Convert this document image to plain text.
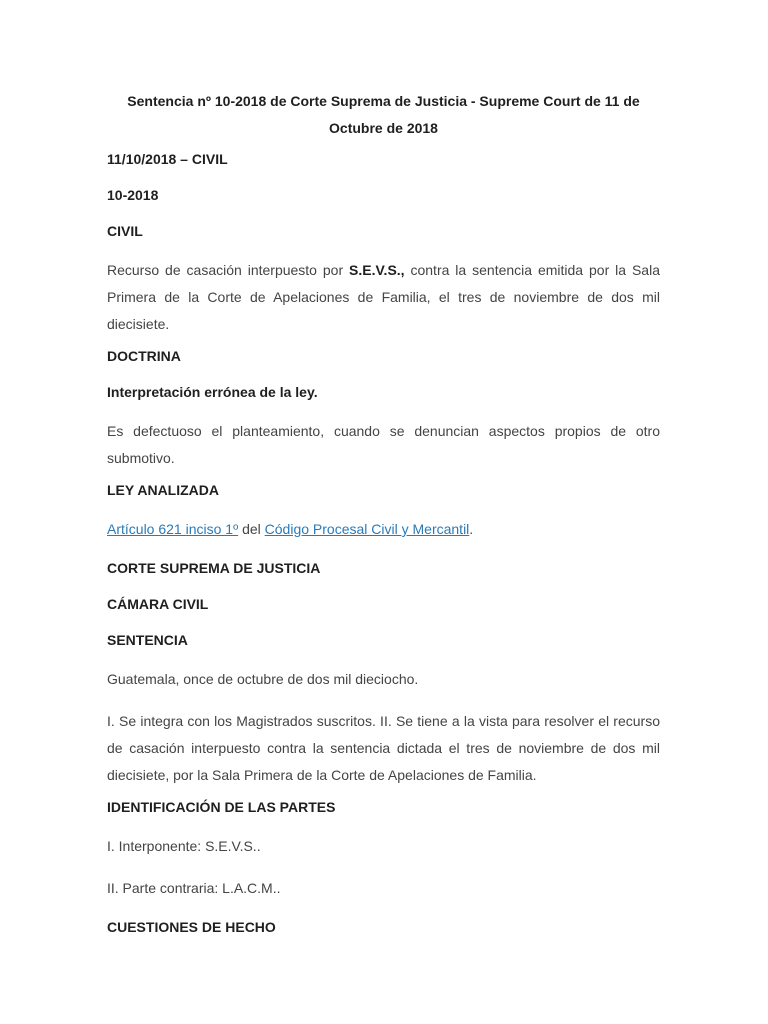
Sentencia nº 10-2018 de Corte Suprema de Justicia - Supreme Court de 11 de Octubre de 2018
11/10/2018 – CIVIL
10-2018
CIVIL
Recurso de casación interpuesto por S.E.V.S., contra la sentencia emitida por la Sala Primera de la Corte de Apelaciones de Familia, el tres de noviembre de dos mil diecisiete.
DOCTRINA
Interpretación errónea de la ley.
Es defectuoso el planteamiento, cuando se denuncian aspectos propios de otro submotivo.
LEY ANALIZADA
Artículo 621 inciso 1º del Código Procesal Civil y Mercantil.
CORTE SUPREMA DE JUSTICIA
CÁMARA CIVIL
SENTENCIA
Guatemala, once de octubre de dos mil dieciocho.
I. Se integra con los Magistrados suscritos. II. Se tiene a la vista para resolver el recurso de casación interpuesto contra la sentencia dictada el tres de noviembre de dos mil diecisiete, por la Sala Primera de la Corte de Apelaciones de Familia.
IDENTIFICACIÓN DE LAS PARTES
I. Interponente: S.E.V.S..
II. Parte contraria: L.A.C.M..
CUESTIONES DE HECHO
